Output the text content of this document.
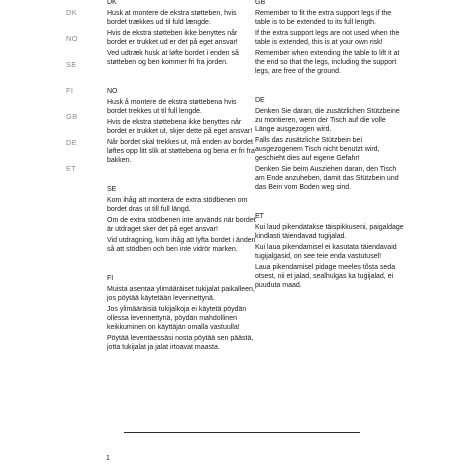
DK
NO
SE
FI
GB
DE
ET
DK

Husk at montere de ekstra støtteben, hvis bordet trækkes ud til fuld længde.

Hvis de ekstra støtteben ikke benyttes når bordet er trukket ud er det på eget ansvar!

Ved udtræk husk at løfte bordet i enden så støtteben og ben kommer fri fra jorden.

NO

Husk å montere de ekstra støttebena hvis bordet trekkes ut til full lengde.

Hvis de ekstra støttebena ikke benyttes når bordet er trukket ut, skjer dette på eget ansvar!

Når bordet skal trekkes ut, må enden av bordet løftes opp litt slik at støttebena og bena er fri fra bakken.

SE

Kom ihåg att montera de extra stödbenen om bordet dras ut till full längd.

Om de extra stödbenen inte används när bordet är utdraget sker det på eget ansvar!

Vid utdragning, kom ihåg att lyfta bordet i änden så att stödben och ben inte vidrör marken.

FI

Muista asentaa ylimääräiset tukijalat paikalleen, jos pöytää käytetään levennettynä.

Jos ylimääräisiä tukijalkoja ei käytetä pöydän ollessa levennettynä, pöydän mahdollinen keikkuminen on käyttäjän omalla vastuulla!

Pöytää leventäessäsi nosta pöytää sen päästä, jotta tukijalat ja jalat irtoavat maasta.

GB

Remember to fit the extra support legs if the table is to be extended to its full length.

If the extra support legs are not used when the table is extended, this is at your own risk!

Remember when extending the table to lift it at the end so that the legs, including the support legs, are free of the ground.

DE

Denken Sie daran, die zusätzlichen Stützbeine zu montieren, wenn der Tisch auf die volle Länge ausgezogen wird.

Falls das zusätzliche Stützbein bei ausgezogenem Tisch nicht benutzt wird, geschieht dies auf eigene Gefahr!

Denken Sie beim Ausziehen daran, den Tisch am Ende anzuheben, damit das Stützbein und das Bein vom Boden weg sind.

ET

Kui laud pikendatakse täispikkuseni, paigaldage kindlasti täiendavad tugijalad.

Kui laua pikendamisel ei kasutata täiendavaid tugijalgasid, on see teie enda vastutusel!

Laua pikendamisel pidage meeles tõsta seda otsest, nii et jalad, sealhulgas ka tugijalad, ei puuduta maad.

1
